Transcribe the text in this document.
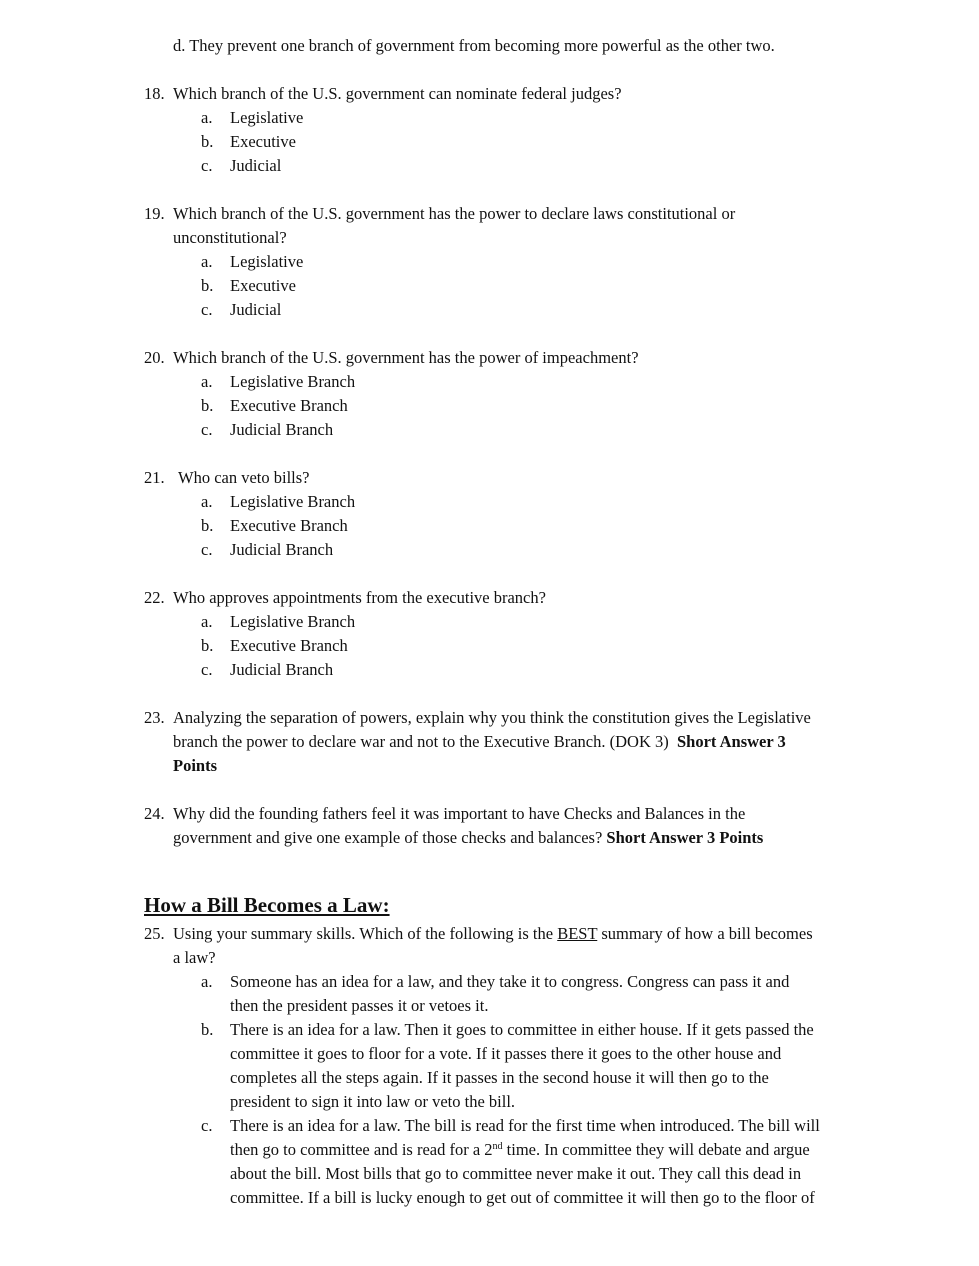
d. They prevent one branch of government from becoming more powerful as the other two.
18. Which branch of the U.S. government can nominate federal judges?
a. Legislative
b. Executive
c. Judicial
19. Which branch of the U.S. government has the power to declare laws constitutional or
unconstitutional?
a. Legislative
b. Executive
c. Judicial
20. Which branch of the U.S. government has the power of impeachment?
a. Legislative Branch
b. Executive Branch
c. Judicial Branch
21. Who can veto bills?
a. Legislative Branch
b. Executive Branch
c. Judicial Branch
22. Who approves appointments from the executive branch?
a. Legislative Branch
b. Executive Branch
c. Judicial Branch
23. Analyzing the separation of powers, explain why you think the constitution gives the Legislative
branch the power to declare war and not to the Executive Branch. (DOK 3) Short Answer 3
Points
24. Why did the founding fathers feel it was important to have Checks and Balances in the
government and give one example of those checks and balances? Short Answer 3 Points
How a Bill Becomes a Law:
25. Using your summary skills. Which of the following is the BEST summary of how a bill becomes
a law?
a. Someone has an idea for a law, and they take it to congress. Congress can pass it and
then the president passes it or vetoes it.
b. There is an idea for a law. Then it goes to committee in either house. If it gets passed the
committee it goes to floor for a vote. If it passes there it goes to the other house and
completes all the steps again. If it passes in the second house it will then go to the
president to sign it into law or veto the bill.
c. There is an idea for a law. The bill is read for the first time when introduced. The bill will
then go to committee and is read for a 2nd time. In committee they will debate and argue
about the bill. Most bills that go to committee never make it out. They call this dead in
committee. If a bill is lucky enough to get out of committee it will then go to the floor of
